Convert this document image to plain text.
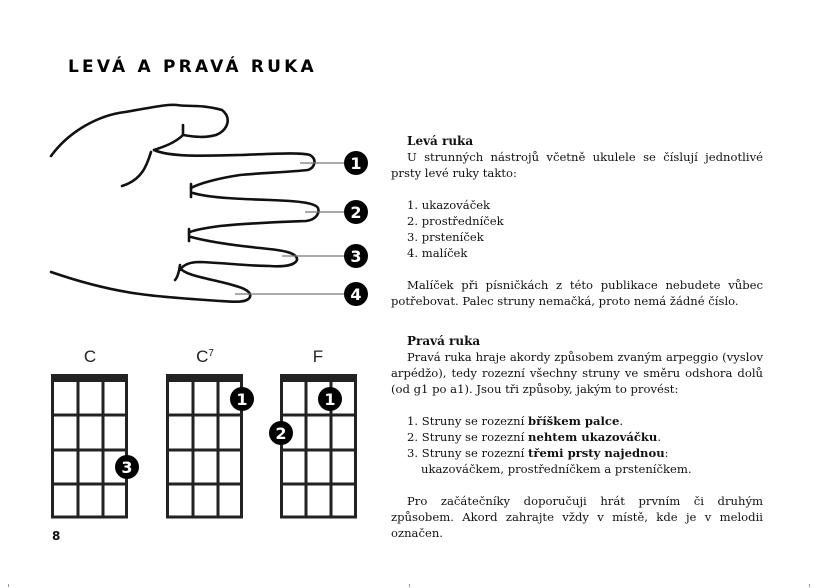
LEVÁ A PRAVÁ RUKA
1
2
3
4
3
1	1
2
C	$C^7$	F
Levá ruka

U strunných nástrojů včetně ukulele se číslují jednotlivé prsty levé ruky takto:

1. ukazováček
2. prostředníček
3. prsteníček
4. malíček

Malíček při písničkách z této publikace nebudete vůbec potřebovat. Palec struny nemačká, proto nemá žádné číslo.

Pravá ruka

Pravá ruka hraje akordy způsobem zvaným arpeggio (vyslov arpédžo), tedy rozezní všechny struny ve směru odshora dolů (od g1 po a1). Jsou tři způsoby, jakým to provést:

1. Struny se rozezní bříškem palce.
2. Struny se rozezní nehtem ukazováčku.
3. Struny se rozezní třemi prsty najednou:
ukazováčkem, prostředníčkem a prsteníčkem.

Pro začátečníky doporučuji hrát prvním či druhým způsobem. Akord zahrajte vždy v místě, kde je v melodii označen.

8
